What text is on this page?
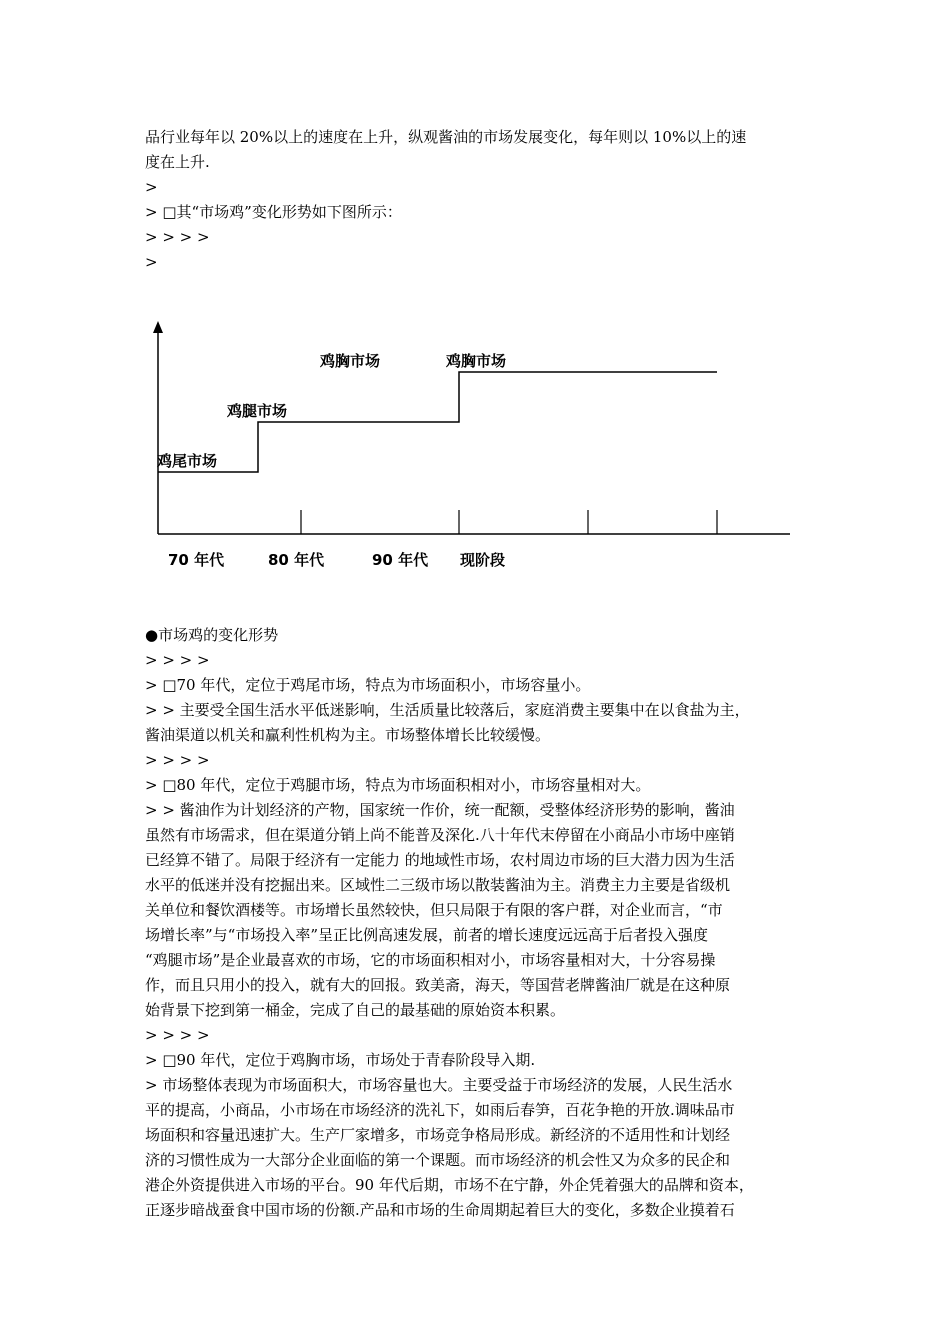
品行业每年以 20%以上的速度在上升，纵观酱油的市场发展变化，每年则以 10%以上的速
度在上升.
>
> □其“市场鸡”变化形势如下图所示：
> > > >
>
鸡尾市场
鸡腿市场
鸡胸市场	鸡胸市场
70 年代	80 年代	90 年代 现阶段
●市场鸡的变化形势
> > > >
> □70 年代，定位于鸡尾市场，特点为市场面积小，市场容量小。
> > 主要受全国生活水平低迷影响，生活质量比较落后，家庭消费主要集中在以食盐为主，
酱油渠道以机关和赢利性机构为主。市场整体增长比较缓慢。
> > > >
> □80 年代，定位于鸡腿市场，特点为市场面积相对小，市场容量相对大。
> > 酱油作为计划经济的产物，国家统一作价，统一配额，受整体经济形势的影响，酱油
虽然有市场需求，但在渠道分销上尚不能普及深化.八十年代末停留在小商品小市场中座销
已经算不错了。局限于经济有一定能力 的地域性市场，农村周边市场的巨大潜力因为生活
水平的低迷并没有挖掘出来。区域性二三级市场以散装酱油为主。消费主力主要是省级机
关单位和餐饮酒楼等。市场增长虽然较快，但只局限于有限的客户群，对企业而言，“市
场增长率”与“市场投入率”呈正比例高速发展，前者的增长速度远远高于后者投入强度
“鸡腿市场”是企业最喜欢的市场，它的市场面积相对小，市场容量相对大，十分容易操
作，而且只用小的投入，就有大的回报。致美斋，海天，等国营老牌酱油厂就是在这种原
始背景下挖到第一桶金，完成了自己的最基础的原始资本积累。
> > > >
> □90 年代，定位于鸡胸市场，市场处于青春阶段导入期.
> 市场整体表现为市场面积大，市场容量也大。主要受益于市场经济的发展，人民生活水
平的提高，小商品，小市场在市场经济的洗礼下，如雨后春笋，百花争艳的开放.调味品市
场面积和容量迅速扩大。生产厂家增多，市场竞争格局形成。新经济的不适用性和计划经
济的习惯性成为一大部分企业面临的第一个课题。而市场经济的机会性又为众多的民企和
港企外资提供进入市场的平台。90 年代后期，市场不在宁静，外企凭着强大的品牌和资本，
正逐步暗战蚕食中国市场的份额.产品和市场的生命周期起着巨大的变化，多数企业摸着石
